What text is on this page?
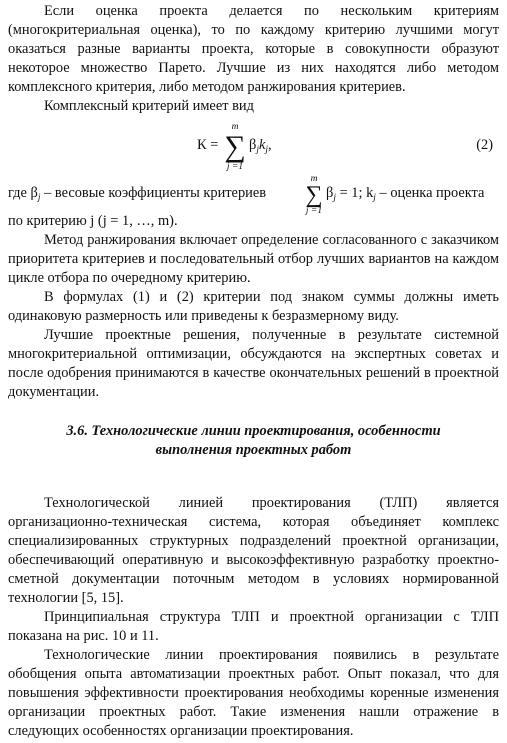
Если оценка проекта делается по нескольким критериям (многокритериальная оценка), то по каждому критерию лучшими могут оказаться разные варианты проекта, которые в совокупности образуют некоторое множество Парето. Лучшие из них находятся либо методом комплексного критерия, либо методом ранжирования критериев.

Комплексный критерий имеет вид

К =
m
∑
j =1
$\beta_jk_j$,	(2)
где $\beta_j$ – весовые коэффициенты критериев
m
∑
j =1
$\beta_j = 1$; $k_j$ – оценка проекта

по критерию j (j = 1, …, m).

Метод ранжирования включает определение согласованного с заказчиком приоритета критериев и последовательный отбор лучших вариантов на каждом цикле отбора по очередному критерию.

В формулах (1) и (2) критерии под знаком суммы должны иметь одинаковую размерность или приведены к безразмерному виду.

Лучшие проектные решения, полученные в результате системной многокритериальной оптимизации, обсуждаются на экспертных советах и после одобрения принимаются в качестве окончательных решений в проектной документации.

3.6. Технологические линии проектирования, особенности
выполнения проектных работ

Технологической линией проектирования (ТЛП) является организационно-техническая система, которая объединяет комплекс специализированных структурных подразделений проектной организации, обеспечивающий оперативную и высокоэффективную разработку проектно-сметной документации поточным методом в условиях нормированной технологии [5, 15].

Принципиальная структура ТЛП и проектной организации с ТЛП показана на рис. 10 и 11.

Технологические линии проектирования появились в результате обобщения опыта автоматизации проектных работ. Опыт показал, что для повышения эффективности проектирования необходимы коренные изменения организации проектных работ. Такие изменения нашли отражение в следующих особенностях организации проектирования.
